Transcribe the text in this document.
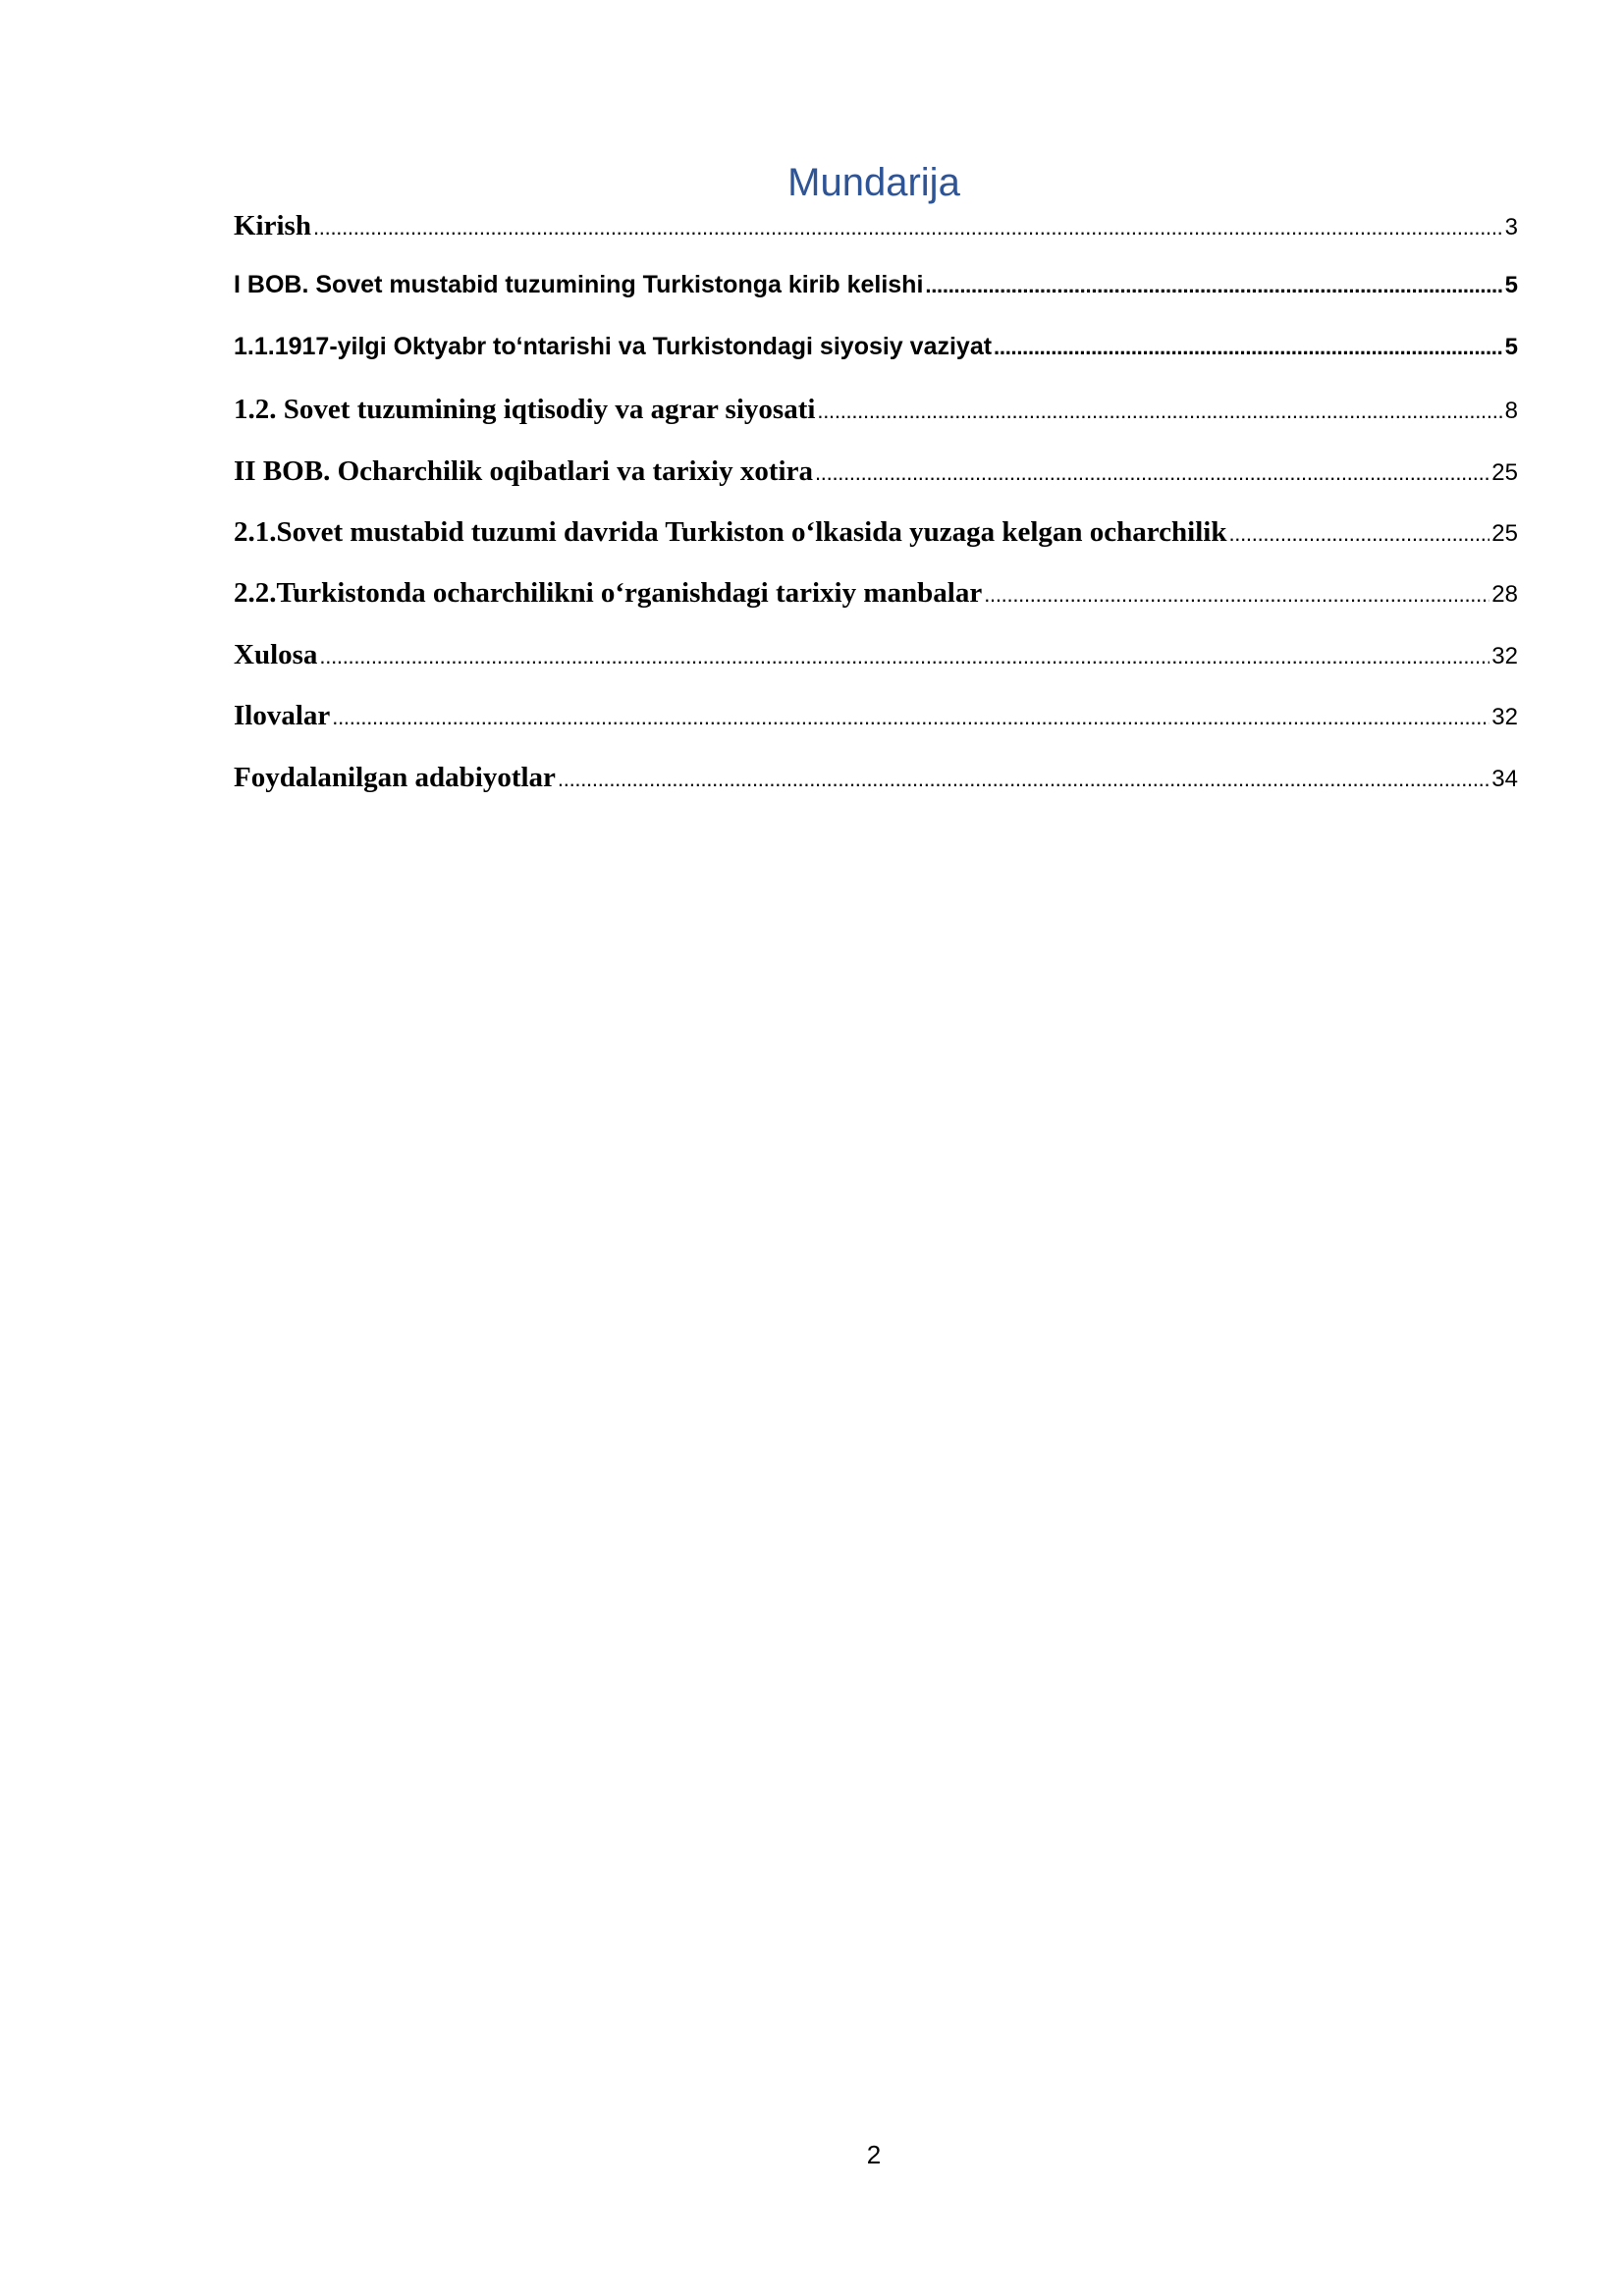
Mundarija
Kirish . . .	3
I BOB. Sovet mustabid tuzumining Turkistonga kirib kelishi . . .	5
1.1.1917-yilgi Oktyabr to‘ntarishi va Turkistondagi siyosiy vaziyat . . .	5
1.2. Sovet tuzumining iqtisodiy va agrar siyosati . . .	8
II BOB. Ocharchilik oqibatlari va tarixiy xotira . . .	25
2.1.Sovet mustabid tuzumi davrida Turkiston o‘lkasida yuzaga kelgan ocharchilik . . .	25
2.2.Turkistonda ocharchilikni o‘rganishdagi tarixiy manbalar . . .	28
Xulosa . . .	32
Ilovalar . . .	32
Foydalanilgan adabiyotlar . . .	34
2
